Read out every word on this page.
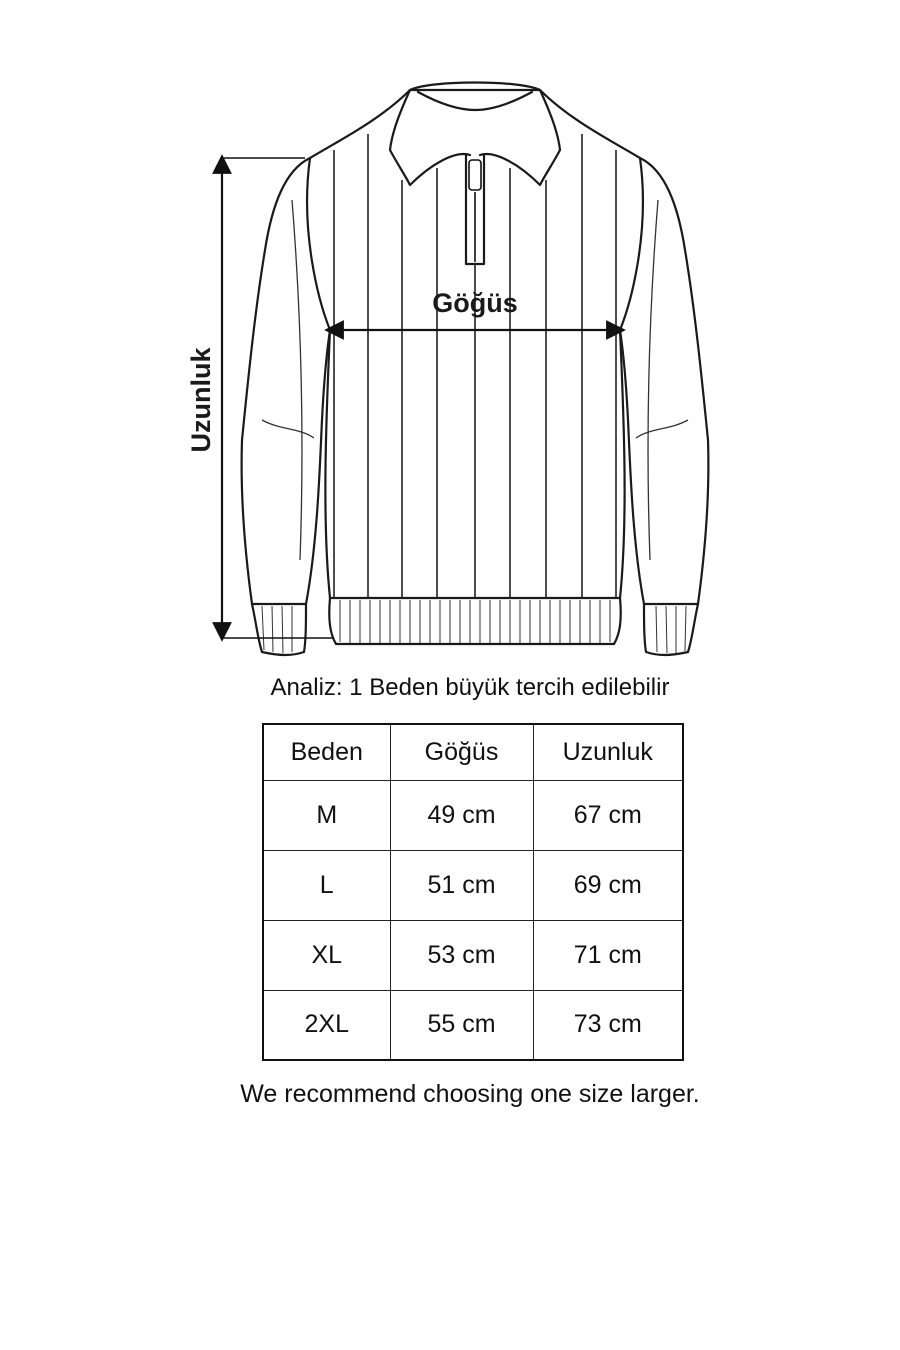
Göğüs
Uzunluk
Analiz: 1 Beden büyük tercih edilebilir
Beden	Göğüs	Uzunluk
M	49 cm	67 cm
L	51 cm	69 cm
XL	53 cm	71 cm
2XL	55 cm	73 cm
We recommend choosing one size larger.
